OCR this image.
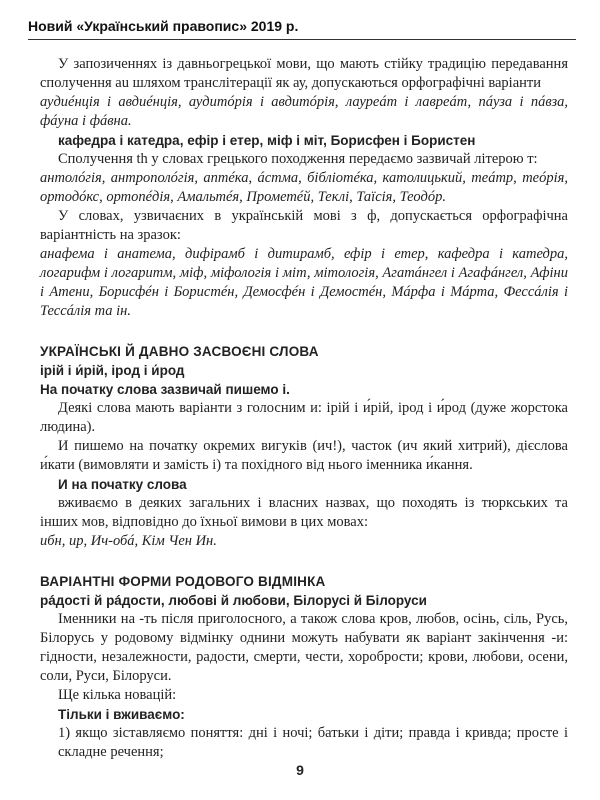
Новий «Український правопис» 2019 р.

У запозиченнях із давньогрецької мови, що мають стійку традицію передавання сполучення au шляхом транслітерації як ау, допускаються орфографічні варіанти

аудиéнція і авдиéнція, аудитóрія і авдитóрія, лауреáт і лавреáт, пáуза і пáвза, фáуна і фáвна.

кафедра і катедра, ефір і етер, міф і міт, Борисфен і Бористен

Сполучення th у словах грецького походження передаємо зазвичай літерою т:

антолóгія, антрополóгія, аптéка, áстма, бібліотéка, католицький, теáтр, теóрія, ортодóкс, ортопéдія, Амальтéя, Прометéй, Теклі, Таїсія, Теодóр.

У словах, узвичаєних в українській мові з ф, допускається орфографічна варіантність на зразок:

анафема і анатема, дифірамб і дитирамб, ефір і етер, кафедра і катедра, логарифм і логаритм, міф, міфологія і міт, мітологія, Агатáнгел і Агафáнгел, Афіни і Атени, Борисфéн і Бористéн, Демосфéн і Демостéн, Мáрфа і Мáрта, Фессáлія і Тессáлія та ін.

УКРАЇНСЬКІ Й ДАВНО ЗАСВОЄНІ СЛОВА
ірій і и́рій, ірод і и́род
На початку слова зазвичай пишемо і.

Деякі слова мають варіанти з голосним и: ірій і и́рій, ірод і и́род (дуже жорстока людина).

И пишемо на початку окремих вигуків (ич!), часток (ич який хитрий), дієслова и́кати (вимовляти и замість і) та похідного від нього іменника и́кання.

И на початку слова

вживаємо в деяких загальних і власних назвах, що походять із тюркських та інших мов, відповідно до їхньої вимови в цих мовах:

ибн, ир, Ич-обá, Кім Чен Ин.

ВАРІАНТНІ ФОРМИ РОДОВОГО ВІДМІНКА
рáдості й рáдости, любові й любови, Білорусі й Білоруси

Іменники на -ть після приголосного, а також слова кров, любов, осінь, сіль, Русь, Білорусь у родовому відмінку однини можуть набувати як варіант закінчення -и: гідности, незалежности, радости, смерти, чести, хоробрости; крови, любови, осени, соли, Руси, Білоруси.

Ще кілька новацій:

Тільки і вживаємо:

1) якщо зіставляємо поняття: дні і ночі; батьки і діти; правда і кривда; просте і складне речення;

9
